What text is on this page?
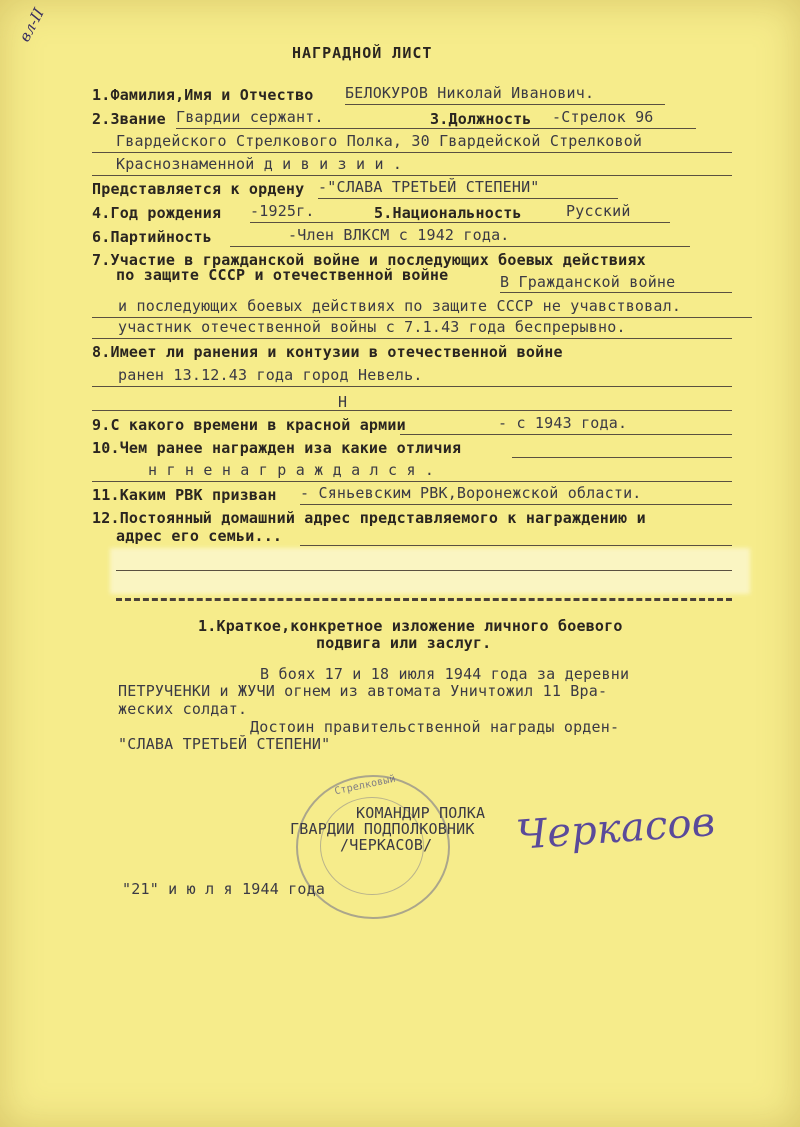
вл-II
НАГРАДНОЙ ЛИСТ
1.Фамилия,Имя и Отчество БЕЛОКУРОВ Николай Иванович.
2.Звание Гвардии сержант.	3.Должность -Стрелок 96
Гвардейского Стрелкового Полка, 30 Гвардейской Стрелковой
Краснознаменной д и в и з и и .
Представляется к ордену -"СЛАВА ТРЕТЬЕЙ СТЕПЕНИ"
4.Год рождения -1925г.	5.Национальность	Русский
6.Партийность	-Член ВЛКСМ с 1942 года.
7.Участие в гражданской войне и последующих боевых действиях
по защите СССР и отечественной войне	В Гражданской войне
и последующих боевых действиях по защите СССР не учавствовал.
участник отечественной войны с 7.1.43 года беспрерывно.
8.Имеет ли ранения и контузии в отечественной войне
ранен 13.12.43 года город Невель.
Н
9.С какого времени в красной армии	- с 1943 года.
10.Чем ранее награжден иза какие отличия
н г н е н а г р а ж д а л с я .
11.Каким РВК призван - Сяньевским РВК,Воронежской области.
12.Постоянный домашний адрес представляемого к награждению и
адрес его семьи...
1.Краткое,конкретное изложение личного боевого
подвига или заслуг.
В боях 17 и 18 июля 1944 года за деревни
ПЕТРУЧЕНКИ и ЖУЧИ огнем из автомата Уничтожил 11 Вра-
жеских солдат.
Достоин правительственной награды орден-
"СЛАВА ТРЕТЬЕЙ СТЕПЕНИ"
Стрелковый
КОМАНДИР ПОЛКА
ГВАРДИИ ПОДПОЛКОВНИК
/ЧЕРКАСОВ/ Черкасов
"21" и ю л я 1944 года
